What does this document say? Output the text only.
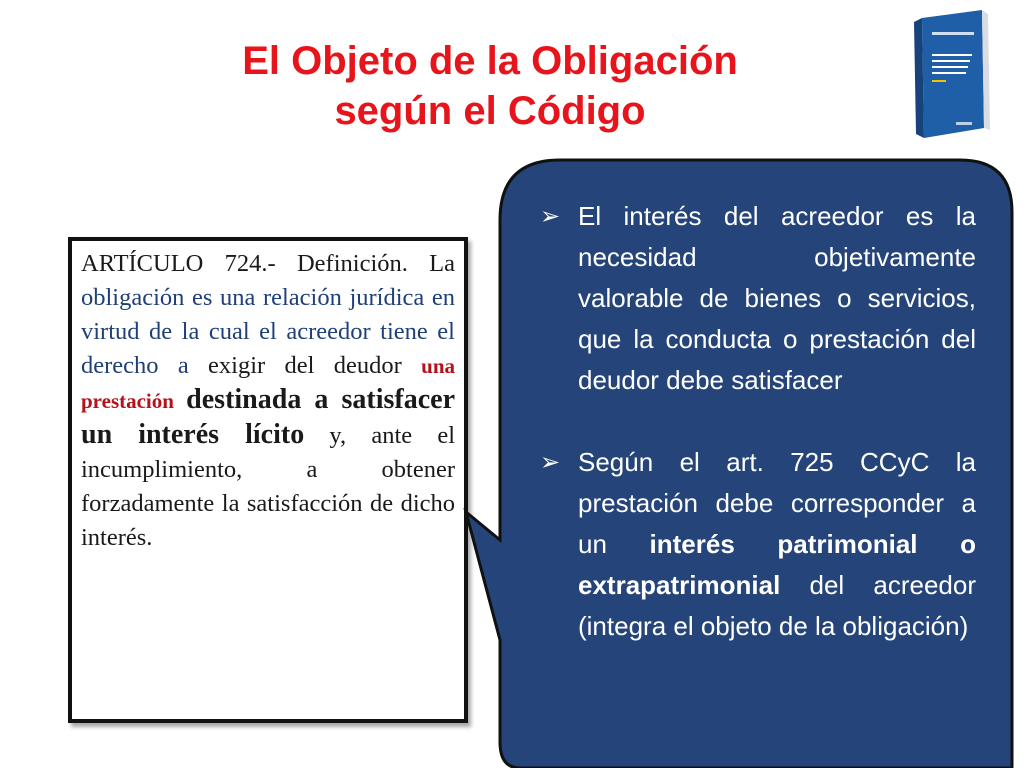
El Objeto de la Obligación
según el Código
ARTÍCULO 724.- Definición. La obligación es una relación jurídica en virtud de la cual el acreedor tiene el derecho a exigir del deudor una prestación destinada a satisfacer un interés lícito y, ante el incumplimiento, a obtener forzadamente la satisfacción de dicho interés.
➢ El interés del acreedor es la necesidad objetivamente valorable de bienes o servicios, que la conducta o prestación del deudor debe satisfacer
➢ Según el art. 725 CCyC la prestación debe corresponder a un interés patrimonial o extrapatrimonial del acreedor (integra el objeto de la obligación)
